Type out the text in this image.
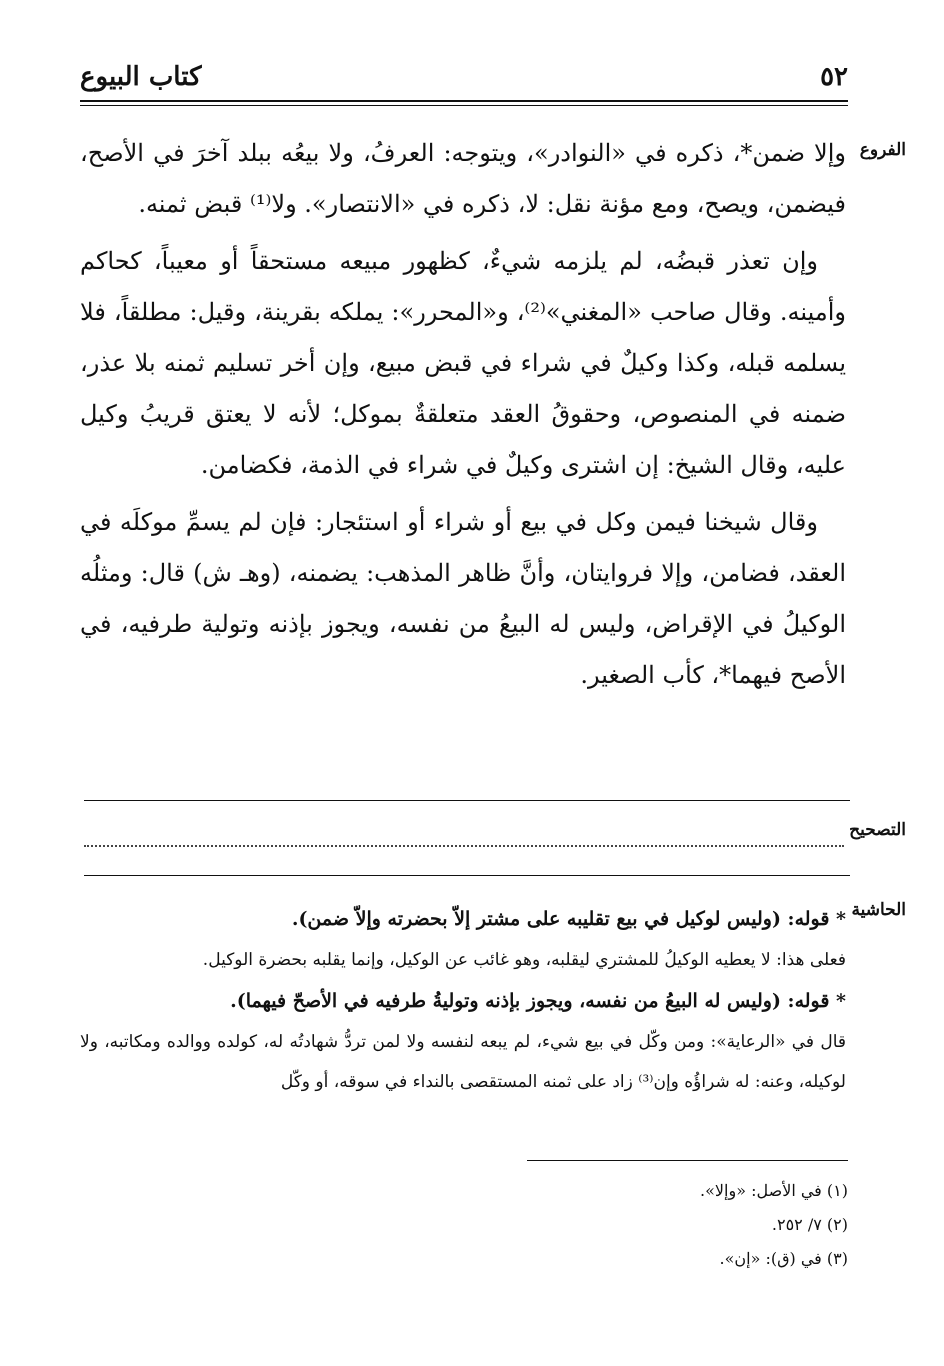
٥٢
كتاب البيوع
الفروع

وإلا ضمن*، ذكره في «النوادر»، ويتوجه: العرفُ، ولا بيعُه ببلد آخرَ في الأصح، فيضمن، ويصح، ومع مؤنة نقل: لا، ذكره في «الانتصار». ولا⁽¹⁾ قبض ثمنه.

وإن تعذر قبضُه، لم يلزمه شيءٌ، كظهور مبيعه مستحقاً أو معيباً، كحاكم وأمينه. وقال صاحب «المغني»⁽²⁾، و«المحرر»: يملكه بقرينة، وقيل: مطلقاً، فلا يسلمه قبله، وكذا وكيلٌ في شراء في قبض مبيع، وإن أخر تسليم ثمنه بلا عذر، ضمنه في المنصوص، وحقوقُ العقد متعلقةٌ بموكل؛ لأنه لا يعتق قريبُ وكيل عليه، وقال الشيخ: إن اشترى وكيلٌ في شراء في الذمة، فكضامن.

وقال شيخنا فيمن وكل في بيع أو شراء أو استئجار: فإن لم يسمِّ موكلَه في العقد، فضامن، وإلا فروايتان، وأنَّ ظاهر المذهب: يضمنه، (وهـ ش) قال: ومثلُه الوكيلُ في الإقراض، وليس له البيعُ من نفسه، ويجوز بإذنه وتولية طرفيه، في الأصح فيهما*، كأب الصغير.

التصحيح
الحاشية

* قوله: (وليس لوكيل في بيع تقليبه على مشتر إلاّ بحضرته وإلاّ ضمن).

فعلى هذا: لا يعطيه الوكيلُ للمشتري ليقلبه، وهو غائب عن الوكيل، وإنما يقلبه بحضرة الوكيل.

* قوله: (وليس له البيعُ من نفسه، ويجوز بإذنه وتوليةُ طرفيه في الأصحّ فيهما).

قال في «الرعاية»: ومن وكّل في بيع شيء، لم يبعه لنفسه ولا لمن تردُّ شهادتُه له، كولده ووالده ومكاتبه، ولا لوكيله، وعنه: له شراؤُه وإن⁽³⁾ زاد على ثمنه المستقصى بالنداء في سوقه، أو وكّل

(١) في الأصل: «وإلا».
(٢) ٧/ ٢٥٢.
(٣) في (ق): «إن».
